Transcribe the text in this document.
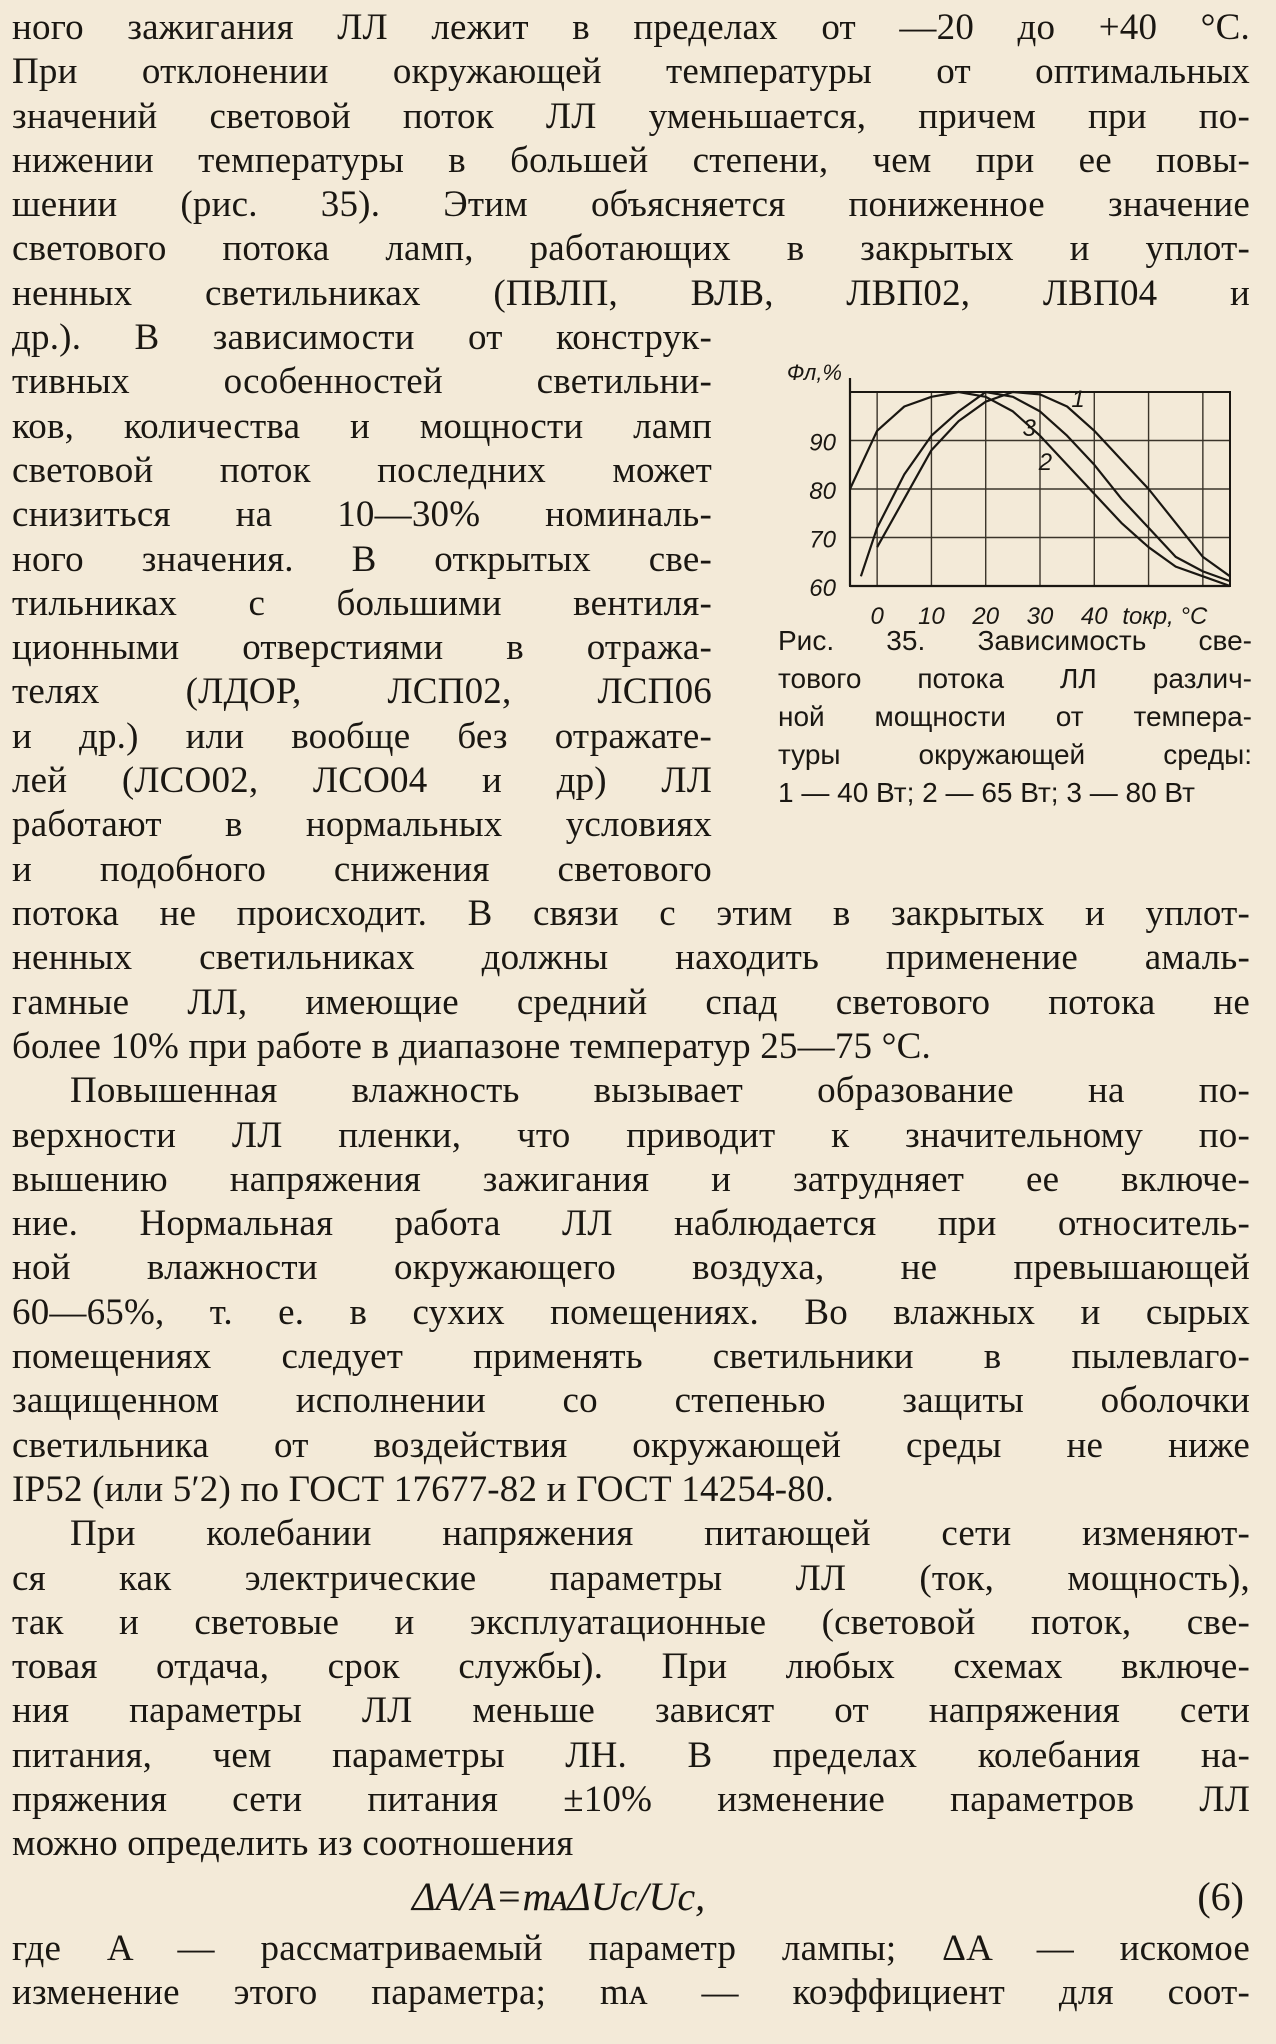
ного зажигания ЛЛ лежит в пределах от —20 до +40 °С.
При отклонении окружающей температуры от оптимальных
значений световой поток ЛЛ уменьшается, причем при по-
нижении температуры в большей степени, чем при ее повы-
шении (рис. 35). Этим объясняется пониженное значение
светового потока ламп, работающих в закрытых и уплот-
ненных светильниках (ПВЛП, ВЛВ, ЛВП02, ЛВП04 и
др.). В зависимости от конструк-
тивных особенностей светильни-
ков, количества и мощности ламп
световой поток последних может
снизиться на 10—30% номиналь-
ного значения. В открытых све-
тильниках с большими вентиля-
ционными отверстиями в отража-
телях (ЛДОР, ЛСП02, ЛСП06
и др.) или вообще без отражате-
лей (ЛСО02, ЛСО04 и др) ЛЛ
работают в нормальных условиях
и подобного снижения светового
60
70
80
90
0 10 20 30 40 tокр, °С
Фл,%
1
2
3
Рис. 35. Зависимость све-
тового потока ЛЛ различ-
ной мощности от темпера-
туры окружающей среды:
1 — 40 Вт; 2 — 65 Вт; 3 — 80 Вт
потока не происходит. В связи с этим в закрытых и уплот-
ненных светильниках должны находить применение амаль-
гамные ЛЛ, имеющие средний спад светового потока не
более 10% при работе в диапазоне температур 25—75 °С.
Повышенная влажность вызывает образование на по-
верхности ЛЛ пленки, что приводит к значительному по-
вышению напряжения зажигания и затрудняет ее включе-
ние. Нормальная работа ЛЛ наблюдается при относитель-
ной влажности окружающего воздуха, не превышающей
60—65%, т. е. в сухих помещениях. Во влажных и сырых
помещениях следует применять светильники в пылевлаго-
защищенном исполнении со степенью защиты оболочки
светильника от воздействия окружающей среды не ниже
IP52 (или 5′2) по ГОСТ 17677-82 и ГОСТ 14254-80.
При колебании напряжения питающей сети изменяют-
ся как электрические параметры ЛЛ (ток, мощность),
так и световые и эксплуатационные (световой поток, све-
товая отдача, срок службы). При любых схемах включе-
ния параметры ЛЛ меньше зависят от напряжения сети
питания, чем параметры ЛН. В пределах колебания на-
пряжения сети питания ±10% изменение параметров ЛЛ
можно определить из соотношения
ΔA/A=mᴀΔUc/Uc,	(6)
где A — рассматриваемый параметр лампы; ΔA — искомое
изменение этого параметра; mᴀ — коэффициент для соот-
